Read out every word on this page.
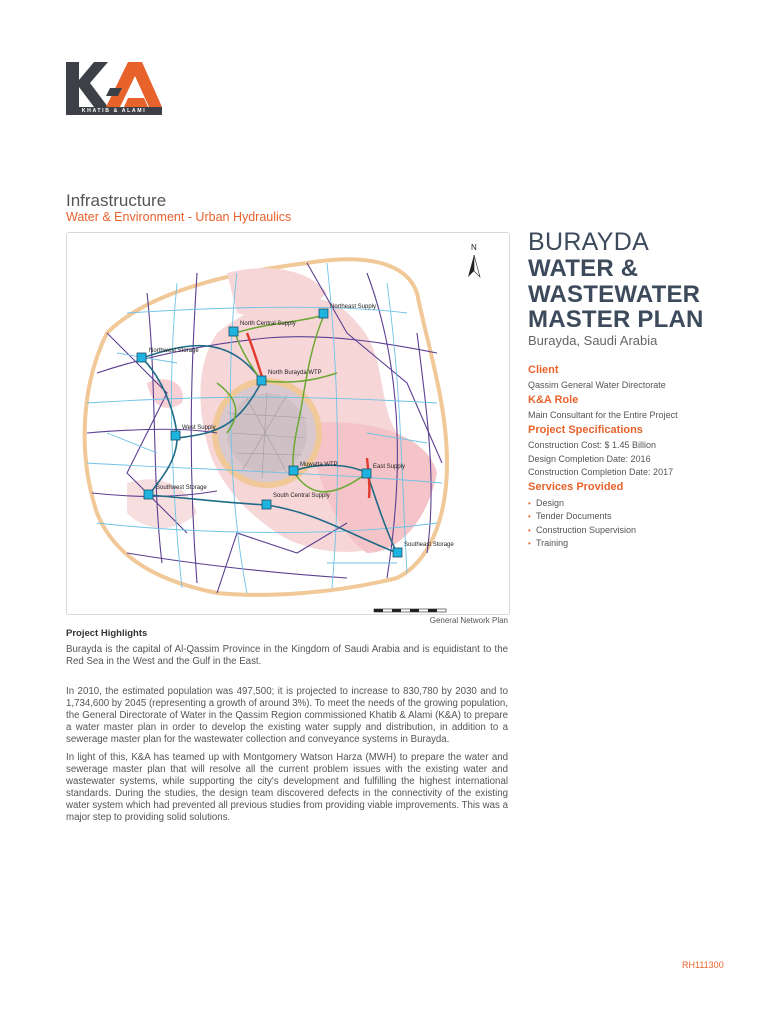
KHATIB & ALAMI
Infrastructure
Water & Environment - Urban Hydraulics
Northeast Supply
North Central Supply
Northwest Storage
North Burayda WTP
West Supply
Muwatta WTP	East Supply
Southwest Storage
South Central Supply
Southeast Storage
N
General Network Plan
BURAYDA
WATER &
WASTEWATER
MASTER PLAN
Burayda, Saudi Arabia
Client
Qassim General Water Directorate
K&A Role
Main Consultant for the Entire Project
Project Specifications
Construction Cost: $ 1.45 Billion
Design Completion Date: 2016
Construction Completion Date: 2017
Services Provided
• Design
• Tender Documents
• Construction Supervision
• Training
Project Highlights

Burayda is the capital of Al-Qassim Province in the Kingdom of Saudi Arabia and is equidistant to the Red Sea in the West and the Gulf in the East.

In 2010, the estimated population was 497,500; it is projected to increase to 830,780 by 2030 and to 1,734,600 by 2045 (representing a growth of around 3%). To meet the needs of the growing population, the General Directorate of Water in the Qassim Region commissioned Khatib & Alami (K&A) to prepare a water master plan in order to develop the existing water supply and distribution, in addition to a sewerage master plan for the wastewater collection and conveyance systems in Burayda.

In light of this, K&A has teamed up with Montgomery Watson Harza (MWH) to prepare the water and sewerage master plan that will resolve all the current problem issues with the existing water and wastewater systems, while supporting the city's development and fulfilling the highest international standards. During the studies, the design team discovered defects in the connectivity of the existing water system which had prevented all previous studies from providing viable improvements. This was a major step to providing solid solutions.

RH111300
